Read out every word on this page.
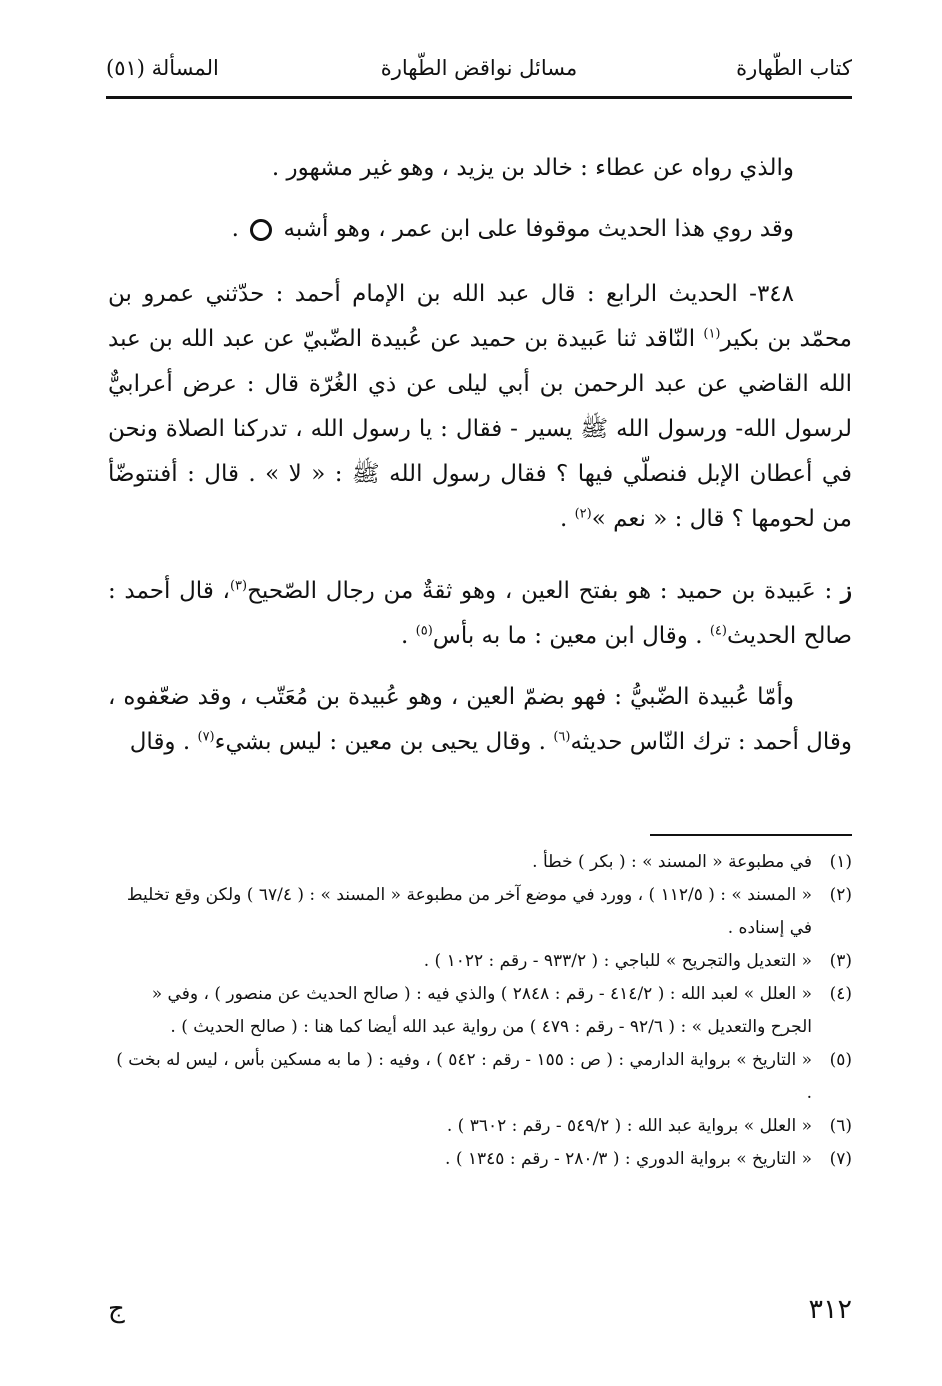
كتاب الطّهارة
مسائل نواقض الطّهارة
المسألة (٥١)

والذي رواه عن عطاء : خالد بن يزيد ، وهو غير مشهور .

وقد روي هذا الحديث موقوفا على ابن عمر ، وهو أشبه  .

٣٤٨- الحديث الرابع : قال عبد الله بن الإمام أحمد : حدّثني عمرو بن محمّد بن بكير$^{(١)}$ النّاقد ثنا عَبيدة بن حميد عن عُبيدة الضّبيّ عن عبد الله بن عبد الله القاضي عن عبد الرحمن بن أبي ليلى عن ذي الغُرّة قال : عرض أعرابيٌّ لرسول الله- ورسول الله ﷺ يسير - فقال : يا رسول الله ، تدركنا الصلاة ونحن في أعطان الإبل فنصلّي فيها ؟ فقال رسول الله ﷺ : « لا » . قال : أفنتوضّأ من لحومها ؟ قال : « نعم »$^{(٢)}$ .

ز : عَبيدة بن حميد : هو بفتح العين ، وهو ثقةٌ من رجال الصّحيح$^{(٣)}$، قال أحمد : صالح الحديث$^{(٤)}$ . وقال ابن معين : ما به بأس$^{(٥)}$ .

وأمّا عُبيدة الضّبيُّ : فهو بضمّ العين ، وهو عُبيدة بن مُعَتّب ، وقد ضعّفوه ، وقال أحمد : ترك النّاس حديثه$^{(٦)}$ . وقال يحيى بن معين : ليس بشيء$^{(٧)}$ . وقال

(١)
في مطبوعة « المسند » : ( بكر ) خطأ .
(٢)
« المسند » : ( ١١٢/٥ ) ، وورد في موضع آخر من مطبوعة « المسند » : ( ٦٧/٤ ) ولكن وقع تخليط في إسناده .
(٣)
« التعديل والتجريح » للباجي : ( ٩٣٣/٢ - رقم : ١٠٢٢ ) .
(٤)
« العلل » لعبد الله : ( ٤١٤/٢ - رقم : ٢٨٤٨ ) والذي فيه : ( صالح الحديث عن منصور ) ، وفي « الجرح والتعديل » : ( ٩٢/٦ - رقم : ٤٧٩ ) من رواية عبد الله أيضا كما هنا : ( صالح الحديث ) .
(٥)
« التاريخ » برواية الدارمي : ( ص : ١٥٥ - رقم : ٥٤٢ ) ، وفيه : ( ما به مسكين بأس ، ليس له بخت ) .
(٦)
« العلل » برواية عبد الله : ( ٥٤٩/٢ - رقم : ٣٦٠٢ ) .
(٧)
« التاريخ » برواية الدوري : ( ٢٨٠/٣ - رقم : ١٣٤٥ ) .
٣١٢
ج
